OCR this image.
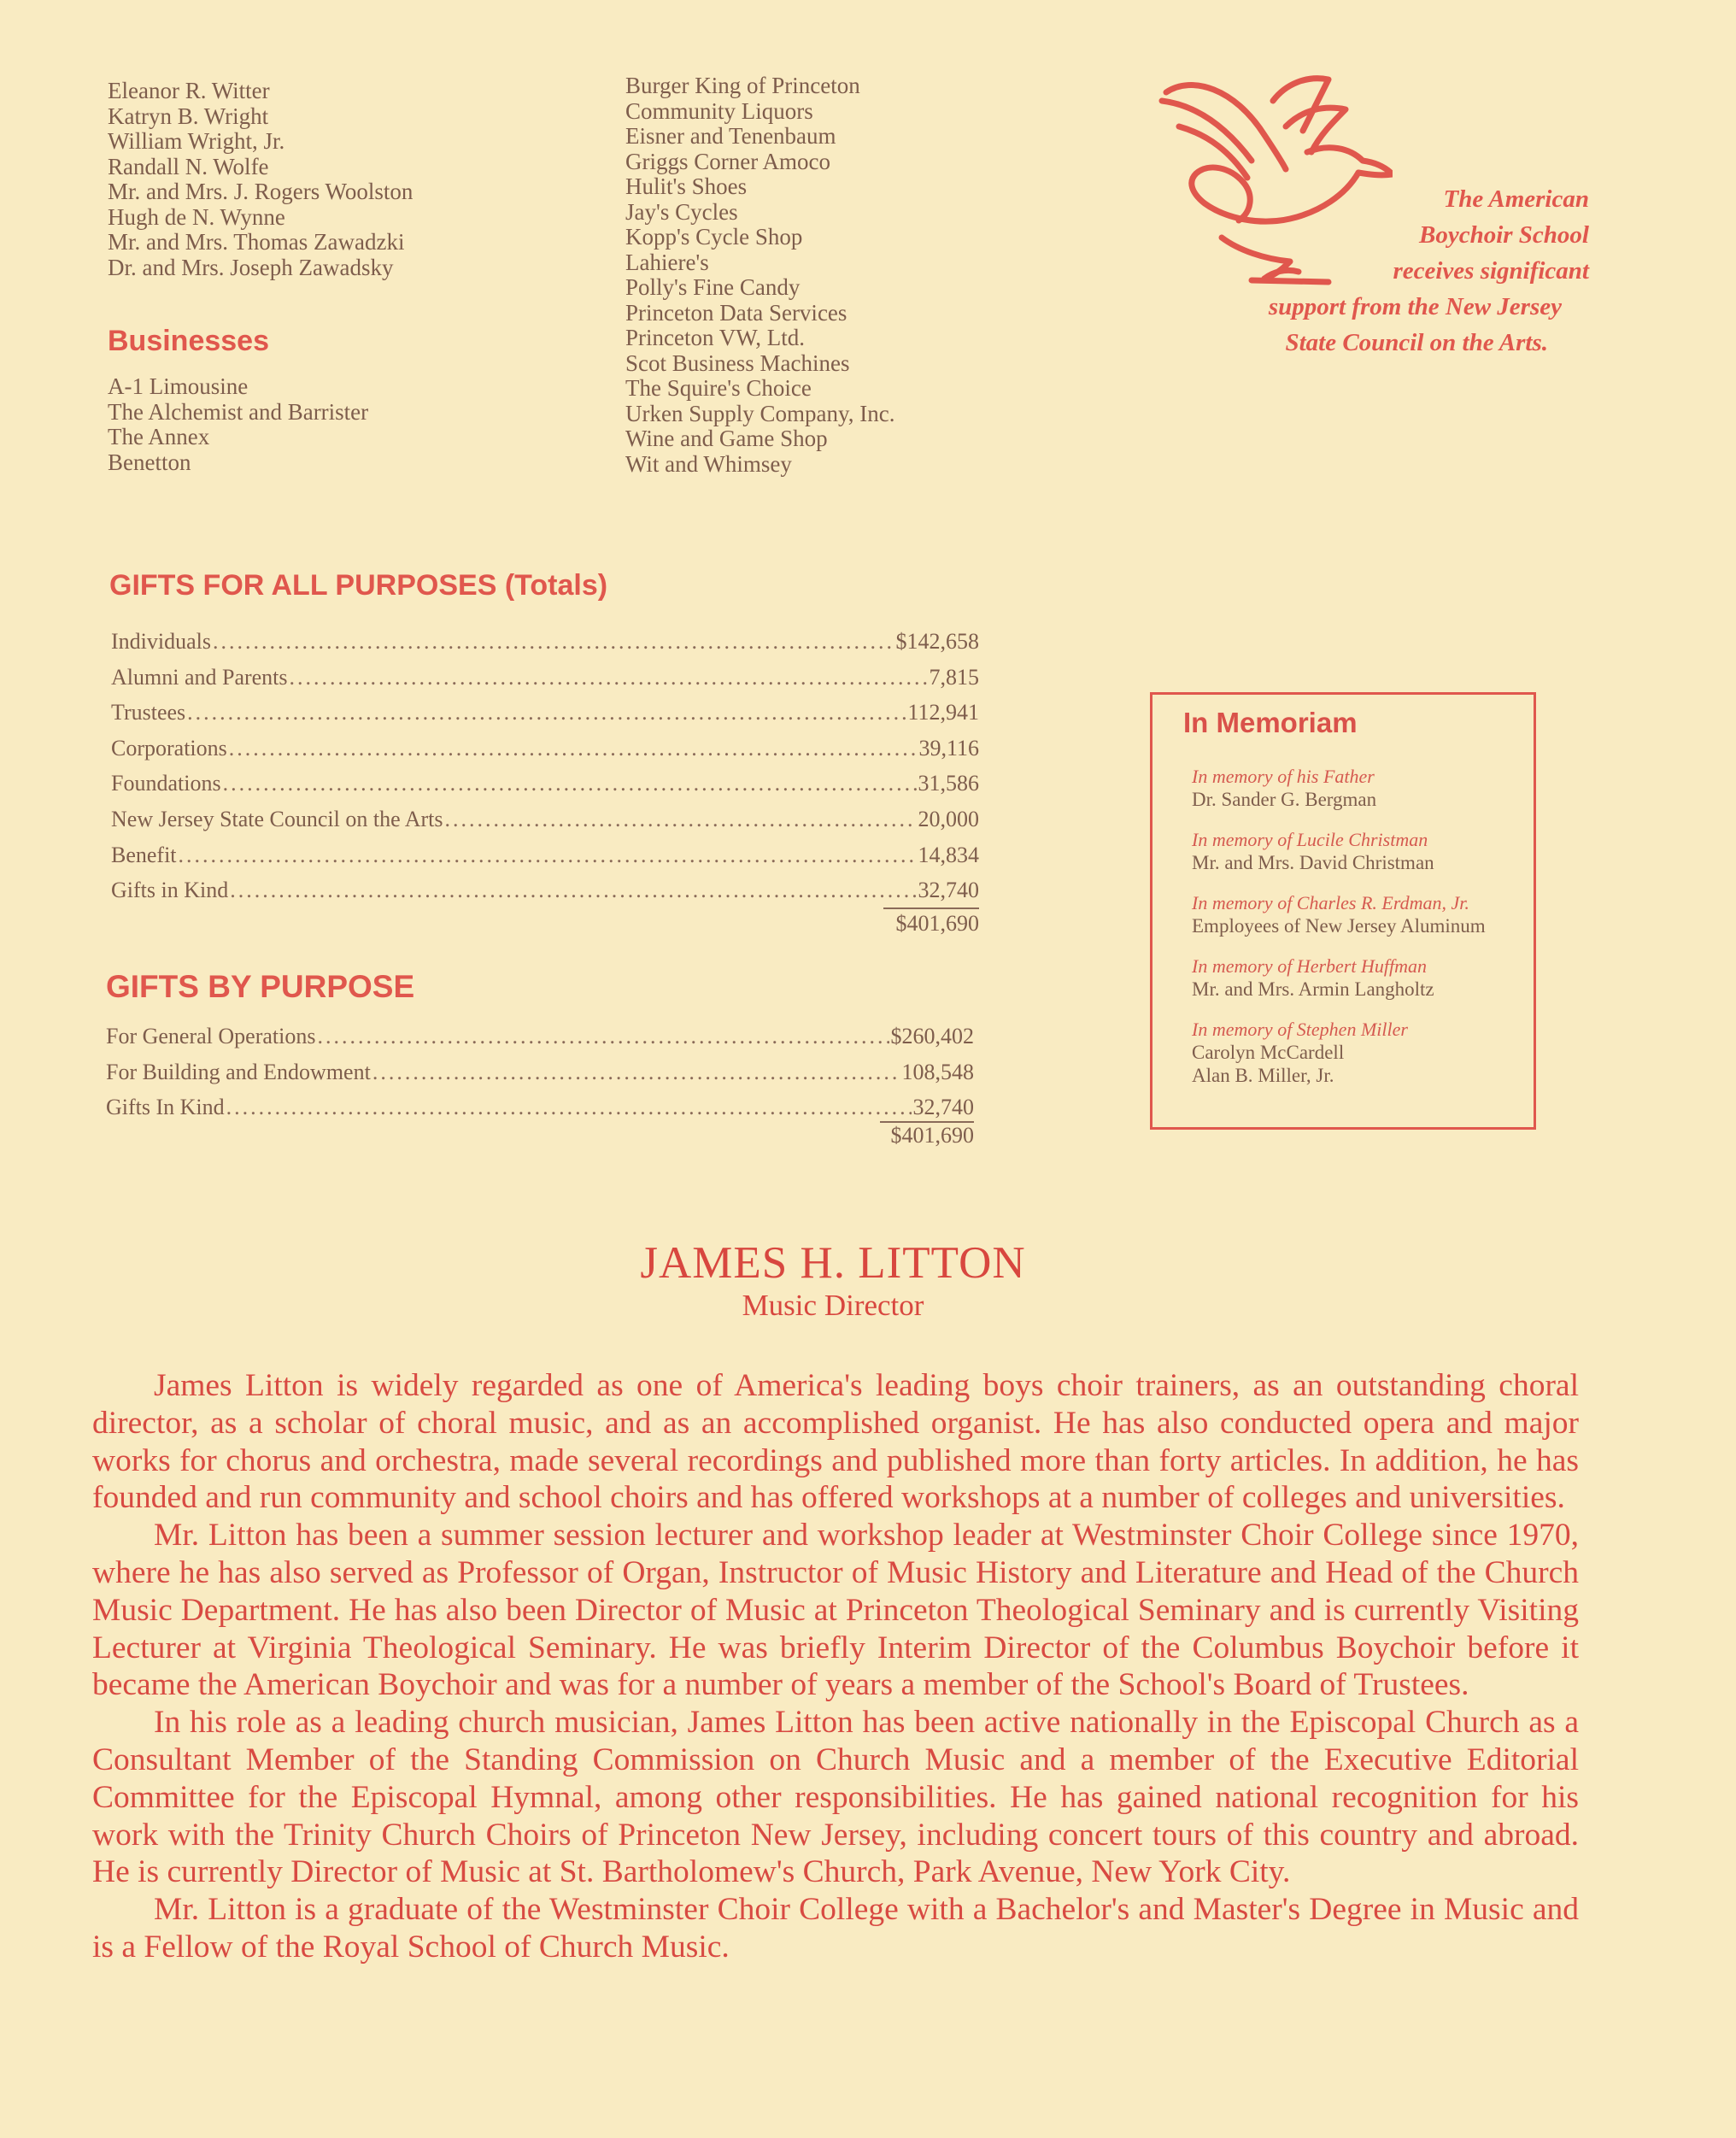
Eleanor R. Witter
Katryn B. Wright
William Wright, Jr.
Randall N. Wolfe
Mr. and Mrs. J. Rogers Woolston
Hugh de N. Wynne
Mr. and Mrs. Thomas Zawadzki
Dr. and Mrs. Joseph Zawadsky
Businesses
A-1 Limousine
The Alchemist and Barrister
The Annex
Benetton
Burger King of Princeton
Community Liquors
Eisner and Tenenbaum
Griggs Corner Amoco
Hulit's Shoes
Jay's Cycles
Kopp's Cycle Shop
Lahiere's
Polly's Fine Candy
Princeton Data Services
Princeton VW, Ltd.
Scot Business Machines
The Squire's Choice
Urken Supply Company, Inc.
Wine and Game Shop
Wit and Whimsey
The American
Boychoir School
receives significant
support from the New Jersey
State Council on the Arts.
GIFTS FOR ALL PURPOSES (Totals)
Individuals .....	$142,658
Alumni and Parents .....	7,815
Trustees .....	112,941
Corporations .....	39,116
Foundations .....	31,586
New Jersey State Council on the Arts .....	20,000
Benefit .....	14,834
Gifts in Kind .....	32,740
$401,690
GIFTS BY PURPOSE
For General Operations .....	$260,402
For Building and Endowment .....	108,548
Gifts In Kind .....	32,740
$401,690
In Memoriam
In memory of his Father
Dr. Sander G. Bergman
In memory of Lucile Christman
Mr. and Mrs. David Christman
In memory of Charles R. Erdman, Jr.
Employees of New Jersey Aluminum
In memory of Herbert Huffman
Mr. and Mrs. Armin Langholtz
In memory of Stephen Miller
Carolyn McCardell
Alan B. Miller, Jr.
JAMES H. LITTON
Music Director

James Litton is widely regarded as one of America's leading boys choir trainers, as an outstanding choral director, as a scholar of choral music, and as an accomplished organist. He has also conducted opera and major works for chorus and orchestra, made several recordings and published more than forty articles. In addition, he has founded and run community and school choirs and has offered workshops at a number of colleges and universities.

Mr. Litton has been a summer session lecturer and workshop leader at Westminster Choir College since 1970, where he has also served as Professor of Organ, Instructor of Music History and Literature and Head of the Church Music Department. He has also been Director of Music at Princeton Theological Seminary and is currently Visiting Lecturer at Virginia Theological Seminary. He was briefly Interim Director of the Columbus Boychoir before it became the American Boychoir and was for a number of years a member of the School's Board of Trustees.

In his role as a leading church musician, James Litton has been active nationally in the Episcopal Church as a Consultant Member of the Standing Commission on Church Music and a member of the Executive Editorial Committee for the Episcopal Hymnal, among other responsibilities. He has gained national recognition for his work with the Trinity Church Choirs of Princeton New Jersey, including concert tours of this country and abroad. He is currently Director of Music at St. Bartholomew's Church, Park Avenue, New York City.

Mr. Litton is a graduate of the Westminster Choir College with a Bachelor's and Master's Degree in Music and is a Fellow of the Royal School of Church Music.
